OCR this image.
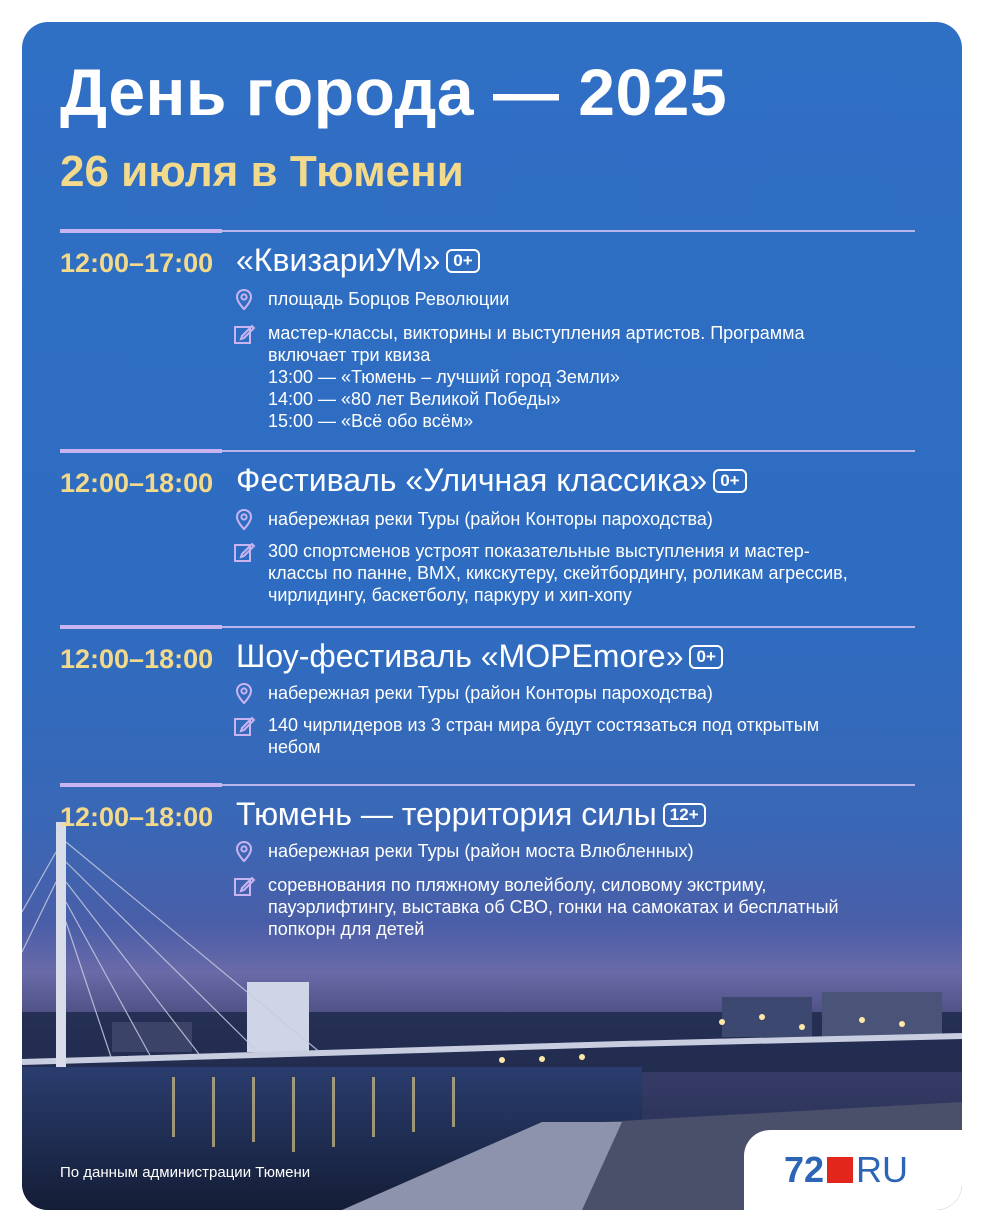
День города — 2025
26 июля в Тюмени
12:00–17:00 «КвизариУМ» 0+
площадь Борцов Революции
мастер-классы, викторины и выступления артистов. Программа
включает три квиза
13:00 — «Тюмень – лучший город Земли»
14:00 — «80 лет Великой Победы»
15:00 — «Всё обо всём»
12:00–18:00 Фестиваль «Уличная классика» 0+
набережная реки Туры (район Конторы пароходства)
300 спортсменов устроят показательные выступления и мастер-
классы по панне, BMX, кикскутеру, скейтбордингу, роликам агрессив,
чирлидингу, баскетболу, паркуру и хип-хопу
12:00–18:00 Шоу-фестиваль «МОРЕmore» 0+
набережная реки Туры (район Конторы пароходства)
140 чирлидеров из 3 стран мира будут состязаться под открытым
небом
12:00–18:00 Тюмень — территория силы 12+
набережная реки Туры (район моста Влюбленных)
соревнования по пляжному волейболу, силовому экстриму,
пауэрлифтингу, выставка об СВО, гонки на самокатах и бесплатный
попкорн для детей
По данным администрации Тюмени	72 RU
